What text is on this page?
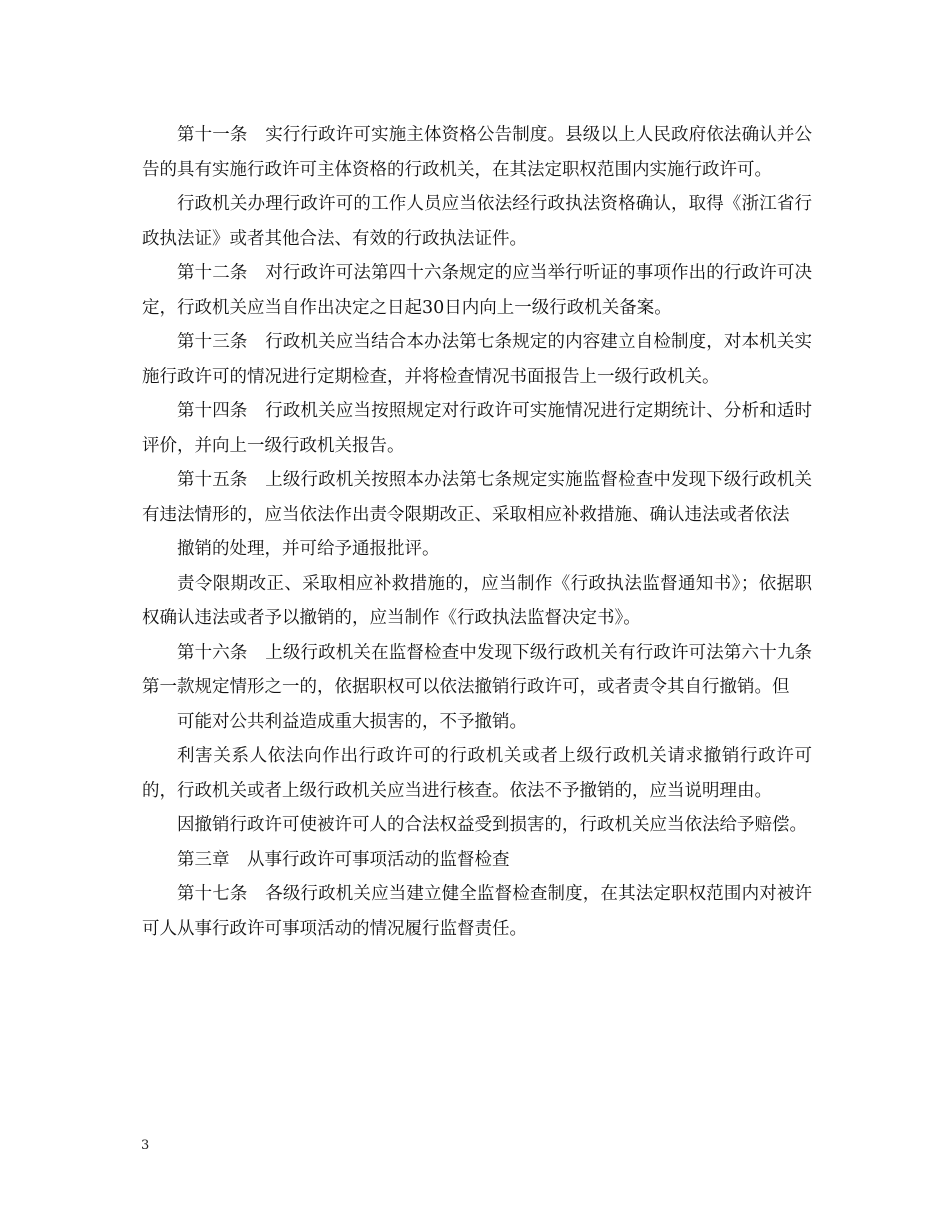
第十一条　实行行政许可实施主体资格公告制度。县级以上人民政府依法确认并公告的具有实施行政许可主体资格的行政机关，在其法定职权范围内实施行政许可。

行政机关办理行政许可的工作人员应当依法经行政执法资格确认，取得《浙江省行政执法证》或者其他合法、有效的行政执法证件。

第十二条　对行政许可法第四十六条规定的应当举行听证的事项作出的行政许可决定，行政机关应当自作出决定之日起30日内向上一级行政机关备案。

第十三条　行政机关应当结合本办法第七条规定的内容建立自检制度，对本机关实施行政许可的情况进行定期检查，并将检查情况书面报告上一级行政机关。

第十四条　行政机关应当按照规定对行政许可实施情况进行定期统计、分析和适时评价，并向上一级行政机关报告。

第十五条　上级行政机关按照本办法第七条规定实施监督检查中发现下级行政机关有违法情形的，应当依法作出责令限期改正、采取相应补救措施、确认违法或者依法

撤销的处理，并可给予通报批评。

责令限期改正、采取相应补救措施的，应当制作《行政执法监督通知书》；依据职权确认违法或者予以撤销的，应当制作《行政执法监督决定书》。

第十六条　上级行政机关在监督检查中发现下级行政机关有行政许可法第六十九条第一款规定情形之一的，依据职权可以依法撤销行政许可，或者责令其自行撤销。但

可能对公共利益造成重大损害的，不予撤销。

利害关系人依法向作出行政许可的行政机关或者上级行政机关请求撤销行政许可的，行政机关或者上级行政机关应当进行核查。依法不予撤销的，应当说明理由。

因撤销行政许可使被许可人的合法权益受到损害的，行政机关应当依法给予赔偿。

第三章　从事行政许可事项活动的监督检查

第十七条　各级行政机关应当建立健全监督检查制度，在其法定职权范围内对被许可人从事行政许可事项活动的情况履行监督责任。

3
